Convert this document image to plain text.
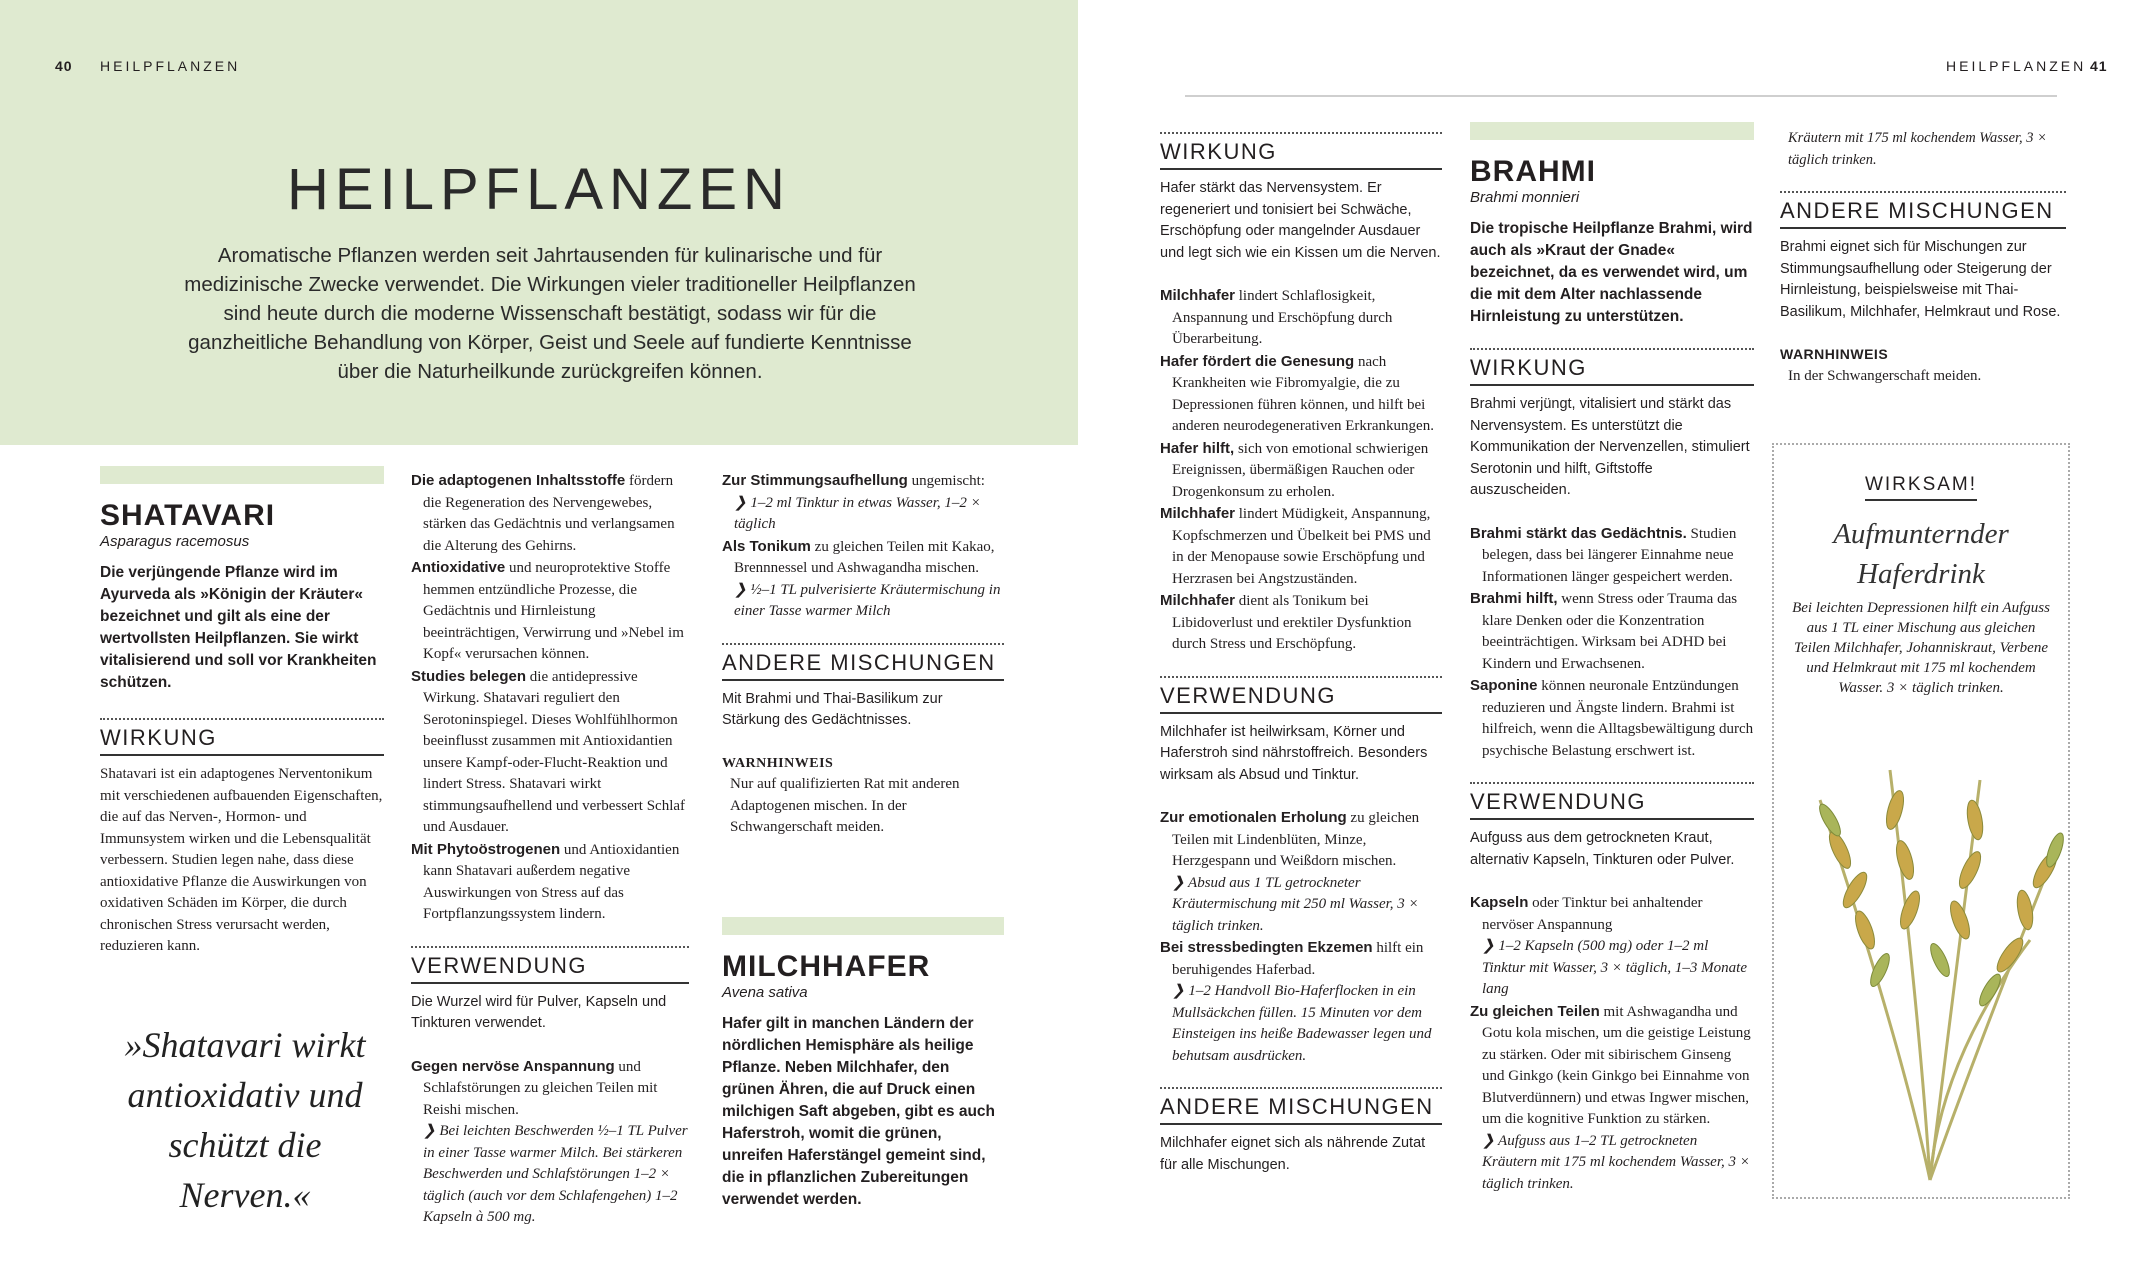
40 HEILPFLANZEN	HEILPFLANZEN 41
HEILPFLANZEN
Aromatische Pflanzen werden seit Jahrtausenden für kulinarische und für medizinische Zwecke verwendet. Die Wirkungen vieler traditioneller Heilpflanzen sind heute durch die moderne Wissenschaft bestätigt, sodass wir für die ganzheitliche Behandlung von Körper, Geist und Seele auf fundierte Kenntnisse über die Naturheilkunde zurückgreifen können.
SHATAVARI
Asparagus racemosus

Die verjüngende Pflanze wird im Ayurveda als »Königin der Kräuter« bezeichnet und gilt als eine der wertvollsten Heilpflanzen. Sie wirkt vitalisierend und soll vor Krankheiten schützen.

WIRKUNG

Shatavari ist ein adaptogenes Nerventonikum mit verschiedenen aufbauenden Eigenschaften, die auf das Nerven-, Hormon- und Immunsystem wirken und die Lebensqualität verbessern. Studien legen nahe, dass diese antioxidative Pflanze die Auswirkungen von oxidativen Schäden im Körper, die durch chronischen Stress verursacht werden, reduzieren kann.

»Shatavari wirkt antioxidativ und schützt die Nerven.«

Die adaptogenen Inhaltsstoffe fördern die Regeneration des Nervengewebes, stärken das Gedächtnis und verlangsamen die Alterung des Gehirns.

Antioxidative und neuroprotektive Stoffe hemmen entzündliche Prozesse, die Gedächtnis und Hirnleistung beeinträchtigen, Verwirrung und »Nebel im Kopf« verursachen können.

Studies belegen die antidepressive Wirkung. Shatavari reguliert den Serotoninspiegel. Dieses Wohlfühlhormon beeinflusst zusammen mit Antioxidantien unsere Kampf-oder-Flucht-Reaktion und lindert Stress. Shatavari wirkt stimmungsaufhellend und verbessert Schlaf und Ausdauer.

Mit Phytoöstrogenen und Antioxidantien kann Shatavari außerdem negative Auswirkungen von Stress auf das Fortpflanzungssystem lindern.

VERWENDUNG

Die Wurzel wird für Pulver, Kapseln und Tinkturen verwendet.

Gegen nervöse Anspannung und Schlafstörungen zu gleichen Teilen mit Reishi mischen.

❯ Bei leichten Beschwerden ½–1 TL Pulver in einer Tasse warmer Milch. Bei stärkeren Beschwerden und Schlafstörungen 1–2 × täglich (auch vor dem Schlafengehen) 1–2 Kapseln à 500 mg.

Zur Stimmungsaufhellung ungemischt:

❯ 1–2 ml Tinktur in etwas Wasser, 1–2 × täglich

Als Tonikum zu gleichen Teilen mit Kakao, Brennnessel und Ashwagandha mischen.

❯ ½–1 TL pulverisierte Kräutermischung in einer Tasse warmer Milch

ANDERE MISCHUNGEN

Mit Brahmi und Thai-Basilikum zur Stärkung des Gedächtnisses.

WARNHINWEIS

Nur auf qualifizierten Rat mit anderen Adaptogenen mischen. In der Schwangerschaft meiden.

MILCHHAFER
Avena sativa

Hafer gilt in manchen Ländern der nördlichen Hemisphäre als heilige Pflanze. Neben Milchhafer, den grünen Ähren, die auf Druck einen milchigen Saft abgeben, gibt es auch Haferstroh, womit die grünen, unreifen Haferstängel gemeint sind, die in pflanzlichen Zubereitungen verwendet werden.

WIRKUNG

Hafer stärkt das Nervensystem. Er regeneriert und tonisiert bei Schwäche, Erschöpfung oder mangelnder Ausdauer und legt sich wie ein Kissen um die Nerven.

Milchhafer lindert Schlaflosigkeit, Anspannung und Erschöpfung durch Überarbeitung.

Hafer fördert die Genesung nach Krankheiten wie Fibromyalgie, die zu Depressionen führen können, und hilft bei anderen neurodegenerativen Erkrankungen.

Hafer hilft, sich von emotional schwierigen Ereignissen, übermäßigen Rauchen oder Drogenkonsum zu erholen.

Milchhafer lindert Müdigkeit, Anspannung, Kopfschmerzen und Übelkeit bei PMS und in der Menopause sowie Erschöpfung und Herzrasen bei Angstzuständen.

Milchhafer dient als Tonikum bei Libidoverlust und erektiler Dysfunktion durch Stress und Erschöpfung.

VERWENDUNG

Milchhafer ist heilwirksam, Körner und Haferstroh sind nährstoffreich. Besonders wirksam als Absud und Tinktur.

Zur emotionalen Erholung zu gleichen Teilen mit Lindenblüten, Minze, Herzgespann und Weißdorn mischen.

❯ Absud aus 1 TL getrockneter Kräutermischung mit 250 ml Wasser, 3 × täglich trinken.

Bei stressbedingten Ekzemen hilft ein beruhigendes Haferbad.

❯ 1–2 Handvoll Bio-Haferflocken in ein Mullsäckchen füllen. 15 Minuten vor dem Einsteigen ins heiße Badewasser legen und behutsam ausdrücken.

ANDERE MISCHUNGEN

Milchhafer eignet sich als nährende Zutat für alle Mischungen.

BRAHMI
Brahmi monnieri

Die tropische Heilpflanze Brahmi, wird auch als »Kraut der Gnade« bezeichnet, da es verwendet wird, um die mit dem Alter nachlassende Hirnleistung zu unterstützen.

WIRKUNG

Brahmi verjüngt, vitalisiert und stärkt das Nervensystem. Es unterstützt die Kommunikation der Nervenzellen, stimuliert Serotonin und hilft, Giftstoffe auszuscheiden.

Brahmi stärkt das Gedächtnis. Studien belegen, dass bei längerer Einnahme neue Informationen länger gespeichert werden.

Brahmi hilft, wenn Stress oder Trauma das klare Denken oder die Konzentration beeinträchtigen. Wirksam bei ADHD bei Kindern und Erwachsenen.

Saponine können neuronale Entzündungen reduzieren und Ängste lindern. Brahmi ist hilfreich, wenn die Alltagsbewältigung durch psychische Belastung erschwert ist.

VERWENDUNG

Aufguss aus dem getrockneten Kraut, alternativ Kapseln, Tinkturen oder Pulver.

Kapseln oder Tinktur bei anhaltender nervöser Anspannung

❯ 1–2 Kapseln (500 mg) oder 1–2 ml Tinktur mit Wasser, 3 × täglich, 1–3 Monate lang

Zu gleichen Teilen mit Ashwagandha und Gotu kola mischen, um die geistige Leistung zu stärken. Oder mit sibirischem Ginseng und Ginkgo (kein Ginkgo bei Einnahme von Blutverdünnern) und etwas Ingwer mischen, um die kognitive Funktion zu stärken.

❯ Aufguss aus 1–2 TL getrockneten Kräutern mit 175 ml kochendem Wasser, 3 × täglich trinken.

Kräutern mit 175 ml kochendem Wasser, 3 × täglich trinken.

ANDERE MISCHUNGEN

Brahmi eignet sich für Mischungen zur Stimmungsaufhellung oder Steigerung der Hirnleistung, beispielsweise mit Thai-Basilikum, Milchhafer, Helmkraut und Rose.

WARNHINWEIS

In der Schwangerschaft meiden.

WIRKSAM!
Aufmunternder Haferdrink
Bei leichten Depressionen hilft ein Aufguss aus 1 TL einer Mischung aus gleichen Teilen Milchhafer, Johanniskraut, Verbene und Helmkraut mit 175 ml kochendem Wasser. 3 × täglich trinken.
